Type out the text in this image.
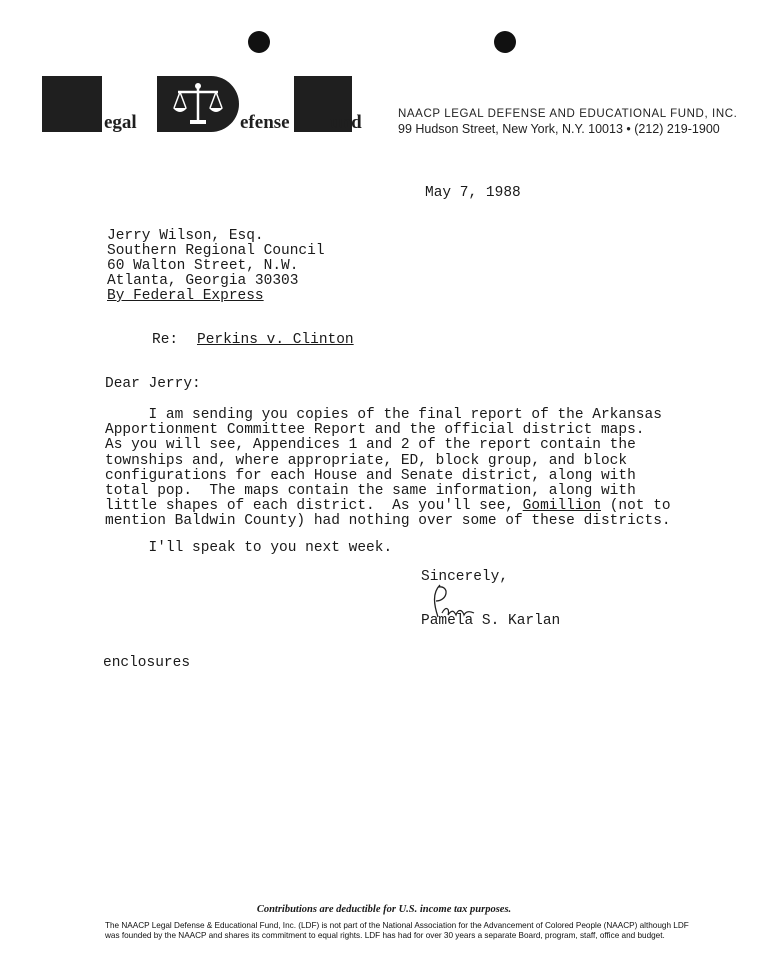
egal	efense und	NAACP LEGAL DEFENSE AND EDUCATIONAL FUND, INC.
99 Hudson Street, New York, N.Y. 10013 • (212) 219-1900
May 7, 1988
Jerry Wilson, Esq.
Southern Regional Council
60 Walton Street, N.W.
Atlanta, Georgia 30303
By Federal Express
Re: Perkins v. Clinton
Dear Jerry:
I am sending you copies of the final report of the Arkansas
Apportionment Committee Report and the official district maps.
As you will see, Appendices 1 and 2 of the report contain the
townships and, where appropriate, ED, block group, and block
configurations for each House and Senate district, along with
total pop.  The maps contain the same information, along with
little shapes of each district.  As you'll see, Gomillion (not to
mention Baldwin County) had nothing over some of these districts.
I'll speak to you next week.
Sincerely,
Pamela S. Karlan
enclosures
Contributions are deductible for U.S. income tax purposes.
The NAACP Legal Defense & Educational Fund, Inc. (LDF) is not part of the National Association for the Advancement of Colored People (NAACP) although LDF was founded by the NAACP and shares its commitment to equal rights. LDF has had for over 30 years a separate Board, program, staff, office and budget.
